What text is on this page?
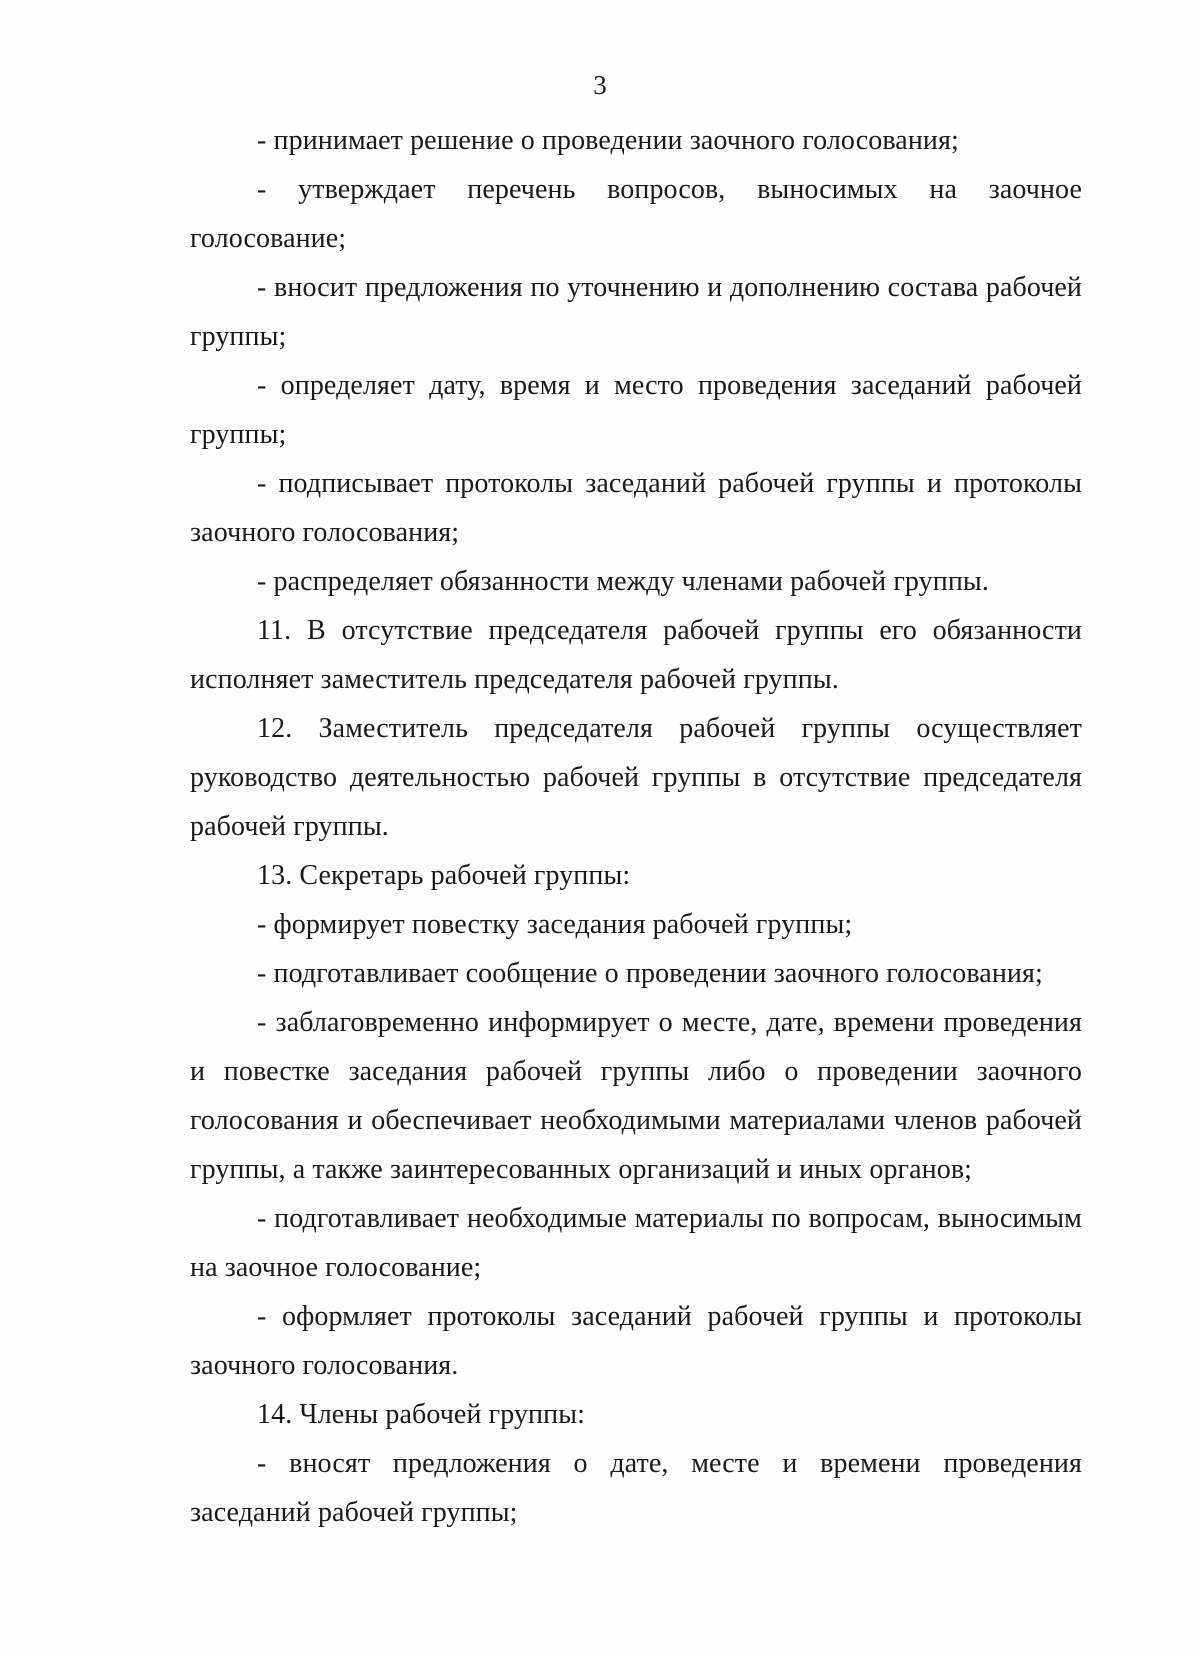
3

- принимает решение о проведении заочного голосования;

- утверждает перечень вопросов, выносимых на заочное голосование;

- вносит предложения по уточнению и дополнению состава рабочей группы;

- определяет дату, время и место проведения заседаний рабочей группы;

- подписывает протоколы заседаний рабочей группы и протоколы заочного голосования;

- распределяет обязанности между членами рабочей группы.

11. В отсутствие председателя рабочей группы его обязанности исполняет заместитель председателя рабочей группы.

12. Заместитель председателя рабочей группы осуществляет руководство деятельностью рабочей группы в отсутствие председателя рабочей группы.

13. Секретарь рабочей группы:

- формирует повестку заседания рабочей группы;

- подготавливает сообщение о проведении заочного голосования;

- заблаговременно информирует о месте, дате, времени проведения и повестке заседания рабочей группы либо о проведении заочного голосования и обеспечивает необходимыми материалами членов рабочей группы, а также заинтересованных организаций и иных органов;

- подготавливает необходимые материалы по вопросам, выносимым на заочное голосование;

- оформляет протоколы заседаний рабочей группы и протоколы заочного голосования.

14. Члены рабочей группы:

- вносят предложения о дате, месте и времени проведения заседаний рабочей группы;
